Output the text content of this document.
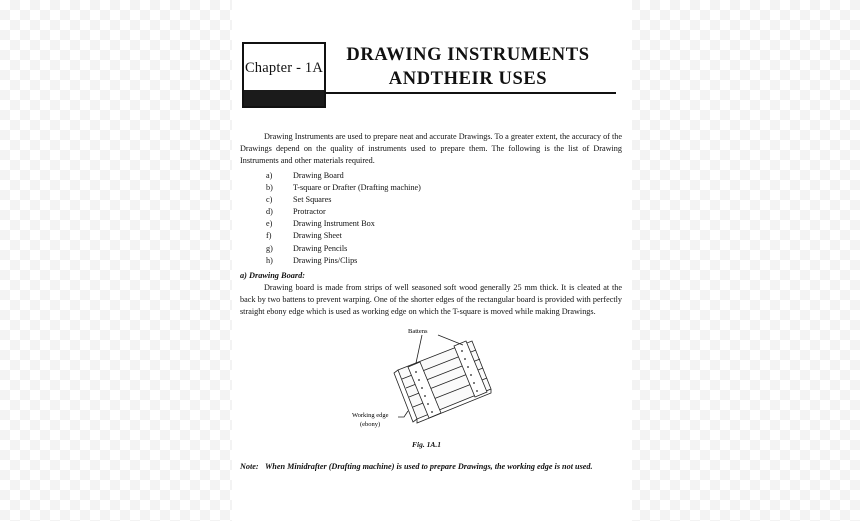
Chapter - 1A
DRAWING INSTRUMENTS
ANDTHEIR USES

Drawing Instruments are used to prepare neat and accurate Drawings. To a greater extent, the accuracy of the Drawings depend on the quality of instruments used to prepare them. The following is the list of Drawing Instruments and other materials required.

a)	Drawing Board
b)	T-square or Drafter (Drafting machine)
c)	Set Squares
d)	Protractor
e)	Drawing Instrument Box
f)	Drawing Sheet
g)	Drawing Pencils
h)	Drawing Pins/Clips
a) Drawing Board:

Drawing board is made from strips of well seasoned soft wood generally 25 mm thick. It is cleated at the back by two battens to prevent warping. One of the shorter edges of the rectangular board is provided with perfectly straight ebony edge which is used as working edge on which the T-square is moved while making Drawings.

Battens
Working edge
(ebony)
Fig. 1A.1
Note: When Minidrafter (Drafting machine) is used to prepare Drawings, the working edge is not used.
